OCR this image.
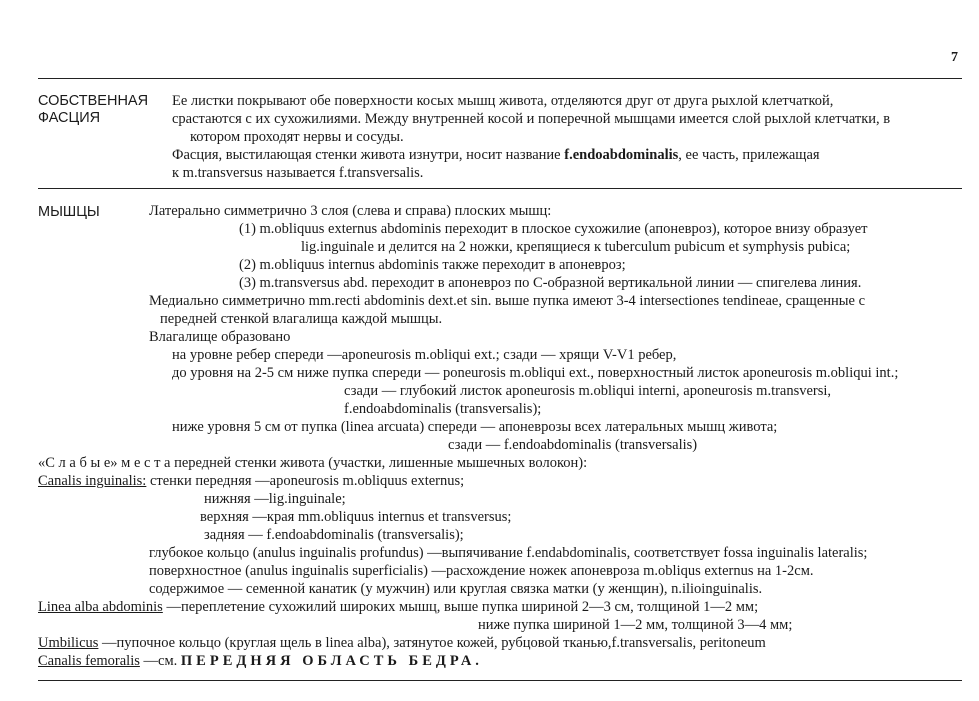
7
СОБСТВЕННАЯ
ФАСЦИЯ
Ее листки покрывают обе поверхности косых мышц живота, отделяются друг от друга рыхлой клетчаткой,
срастаются с их сухожилиями. Между внутренней косой и поперечной мышцами имеется слой рыхлой клетчатки, в
котором проходят нервы и сосуды.
Фасция, выстилающая стенки живота изнутри, носит название f.endoabdominalis, ее часть, прилежащая
к m.transversus называется f.transversalis.
МЫШЦЫ	Латерально симметрично 3 слоя (слева и справа) плоских мышц:
(1) m.obliquus externus abdominis переходит в плоское сухожилие (апоневроз), которое внизу образует
lig.inguinale и делится на 2 ножки, крепящиеся к tuberculum pubicum et symphysis pubica;
(2) m.obliquus internus abdominis также переходит в апоневроз;
(3) m.transversus abd. переходит в апоневроз по С-образной вертикальной линии — спигелева линия.
Медиально симметрично mm.recti abdominis dext.et sin. выше пупка имеют 3-4 intersectiones tendineae, сращенные с
передней стенкой влагалища каждой мышцы.
Влагалище образовано
на уровне ребер спереди —aponeurosis m.obliqui ext.; сзади — хрящи V-V1 ребер,
до уровня на 2-5 см ниже пупка спереди — poneurosis m.obliqui ext., поверхностный листок aponeurosis m.obliqui int.;
сзади — глубокий листок aponeurosis m.obliqui interni, aponeurosis m.transversi,
f.endoabdominalis (transversalis);
ниже уровня 5 см от пупка (linea arcuata) спереди — апоневрозы всех латеральных мышц живота;
сзади — f.endoabdominalis (transversalis)
«С л а б ы е» м е с т а передней стенки живота (участки, лишенные мышечных волокон):
Canalis inguinalis: стенки передняя —aponeurosis m.obliquus externus;
нижняя —lig.inguinale;
верхняя —края mm.obliquus internus et transversus;
задняя — f.endoabdominalis (transversalis);
глубокое кольцо (anulus inguinalis profundus) —выпячивание f.endabdominalis, соответствует fossa inguinalis lateralis;
поверхностное (anulus inguinalis superficialis) —расхождение ножек апоневроза m.obliqus externus на 1-2см.
содержимое — семенной канатик (у мужчин) или круглая связка матки (у женщин), n.ilioinguinalis.
Linea alba abdominis —переплетение сухожилий широких мышц, выше пупка шириной 2—3 см, толщиной 1—2 мм;
ниже пупка шириной 1—2 мм, толщиной 3—4 мм;
Umbilicus —пупочное кольцо (круглая щель в linea alba), затянутое кожей, рубцовой тканью,f.transversalis, peritoneum
Canalis femoralis —см. ПЕРЕДНЯЯ ОБЛАСТЬ БЕДРА.
